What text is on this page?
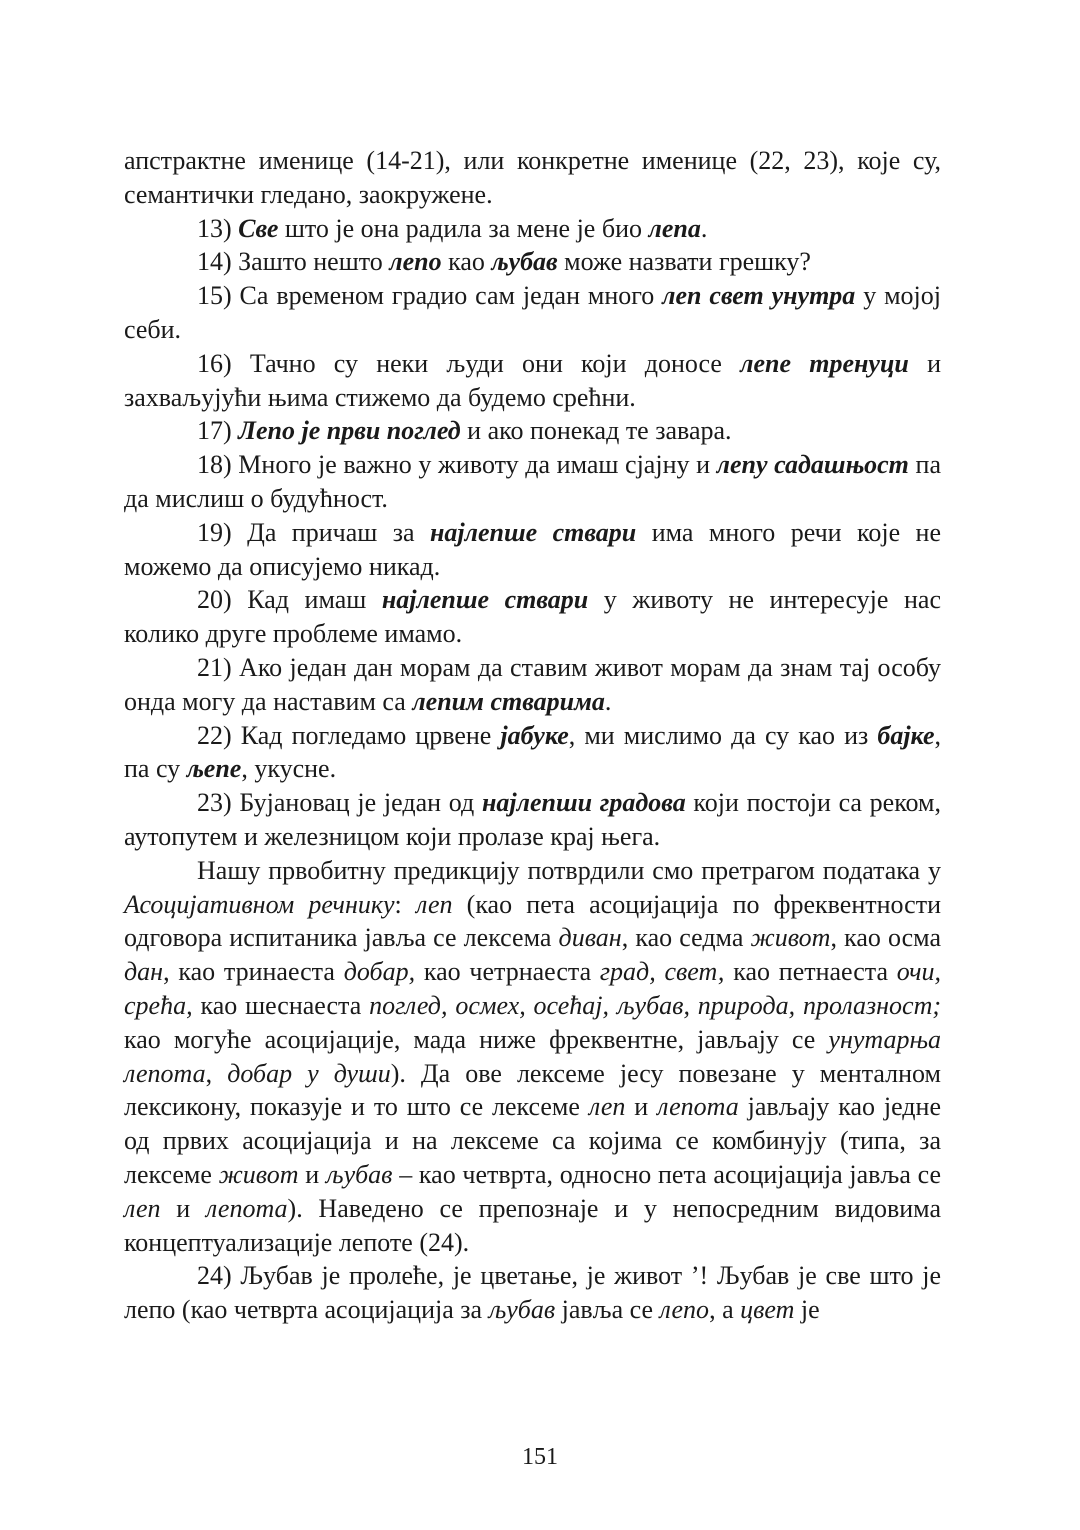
апстрактне именице (14-21), или конкретне именице (22, 23), које су, семантички гледано, заокружене.

13) Све што је она радила за мене је био лепа.

14) Зашто нешто лепо као љубав може назвати грешку?

15) Са временом градио сам један много леп свет унутра у мојој себи.

16) Тачно су неки људи они који доносе лепе тренуци и захваљујући њима стижемо да будемо срећни.

17) Лепо је први поглед и ако понекад те завара.

18) Много је важно у животу да имаш сјајну и лепу садашњост па да мислиш о будућност.

19) Да причаш за најлепше ствари има много речи које не можемо да описујемо никад.

20) Кад имаш најлепше ствари у животу не интересује нас колико друге проблеме имамо.

21) Ако један дан морам да ставим живот морам да знам тај особу онда могу да наставим са лепим стварима.

22) Кад погледамо црвене јабуке, ми мислимо да су као из бајке, па су љепе, укусне.

23) Бујановац је један од најлепши градова који постоји са реком, аутопутем и железницом који пролазе крај њега.

Нашу првобитну предикцију потврдили смо претрагом података у Асоцијативном речнику: леп (као пета асоцијација по фреквентности одговора испитаника јавља се лексема диван, као седма живот, као осма дан, као тринаеста добар, као четрнаеста град, свет, као петнаеста очи, срећа, као шеснаеста поглед, осмех, осећај, љубав, природа, пролазност; као могуће асоцијације, мада ниже фреквентне, јављају се унутарња лепота, добар у души). Да ове лексеме јесу повезане у менталном лексикону, показује и то што се лексеме леп и лепота јављају као једне од првих асоцијација и на лексеме са којима се комбинују (типа, за лексеме живот и љубав – као четврта, односно пета асоцијација јавља се леп и лепота). Наведено се препознаје и у непосредним видовима концептуализације лепоте (24).

24) Љубав је пролеће, је цветање, је живот ’! Љубав је све што је лепо (као четврта асоцијација за љубав јавља се лепо, а цвет је

151
